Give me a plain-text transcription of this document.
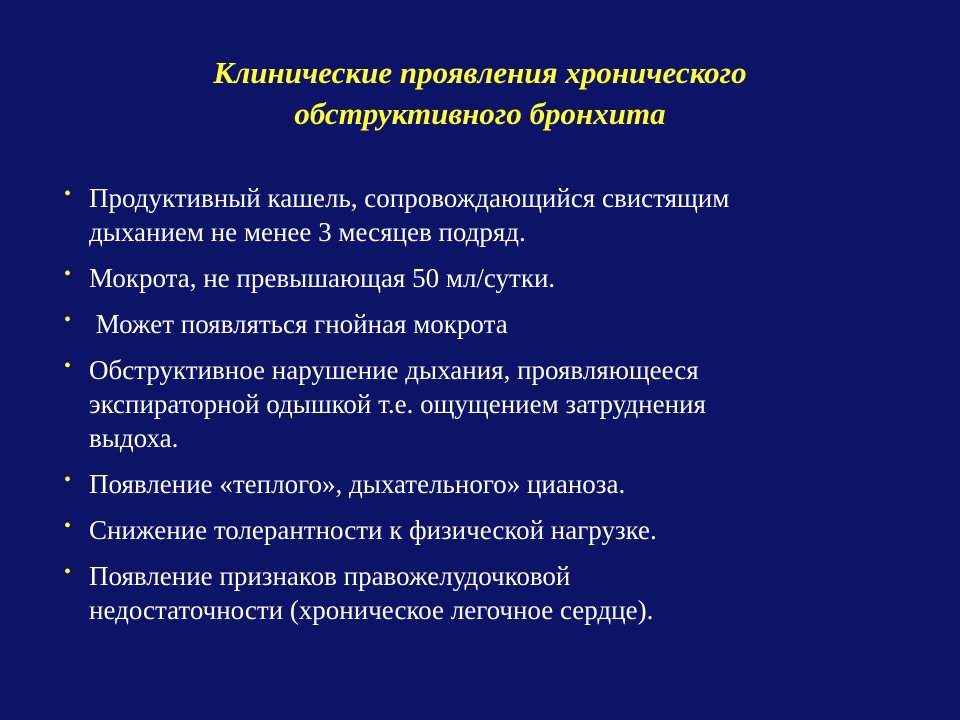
Клинические проявления хронического
обструктивного бронхита
• Продуктивный кашель, сопровождающийся свистящим
дыханием не менее 3 месяцев подряд.
• Мокрота, не превышающая 50 мл/сутки.
• Может появляться гнойная мокрота
• Обструктивное нарушение дыхания, проявляющееся
экспираторной одышкой т.е. ощущением затруднения
выдоха.
• Появление «теплого», дыхательного» цианоза.
• Снижение толерантности к физической нагрузке.
• Появление признаков правожелудочковой
недостаточности (хроническое легочное сердце).
